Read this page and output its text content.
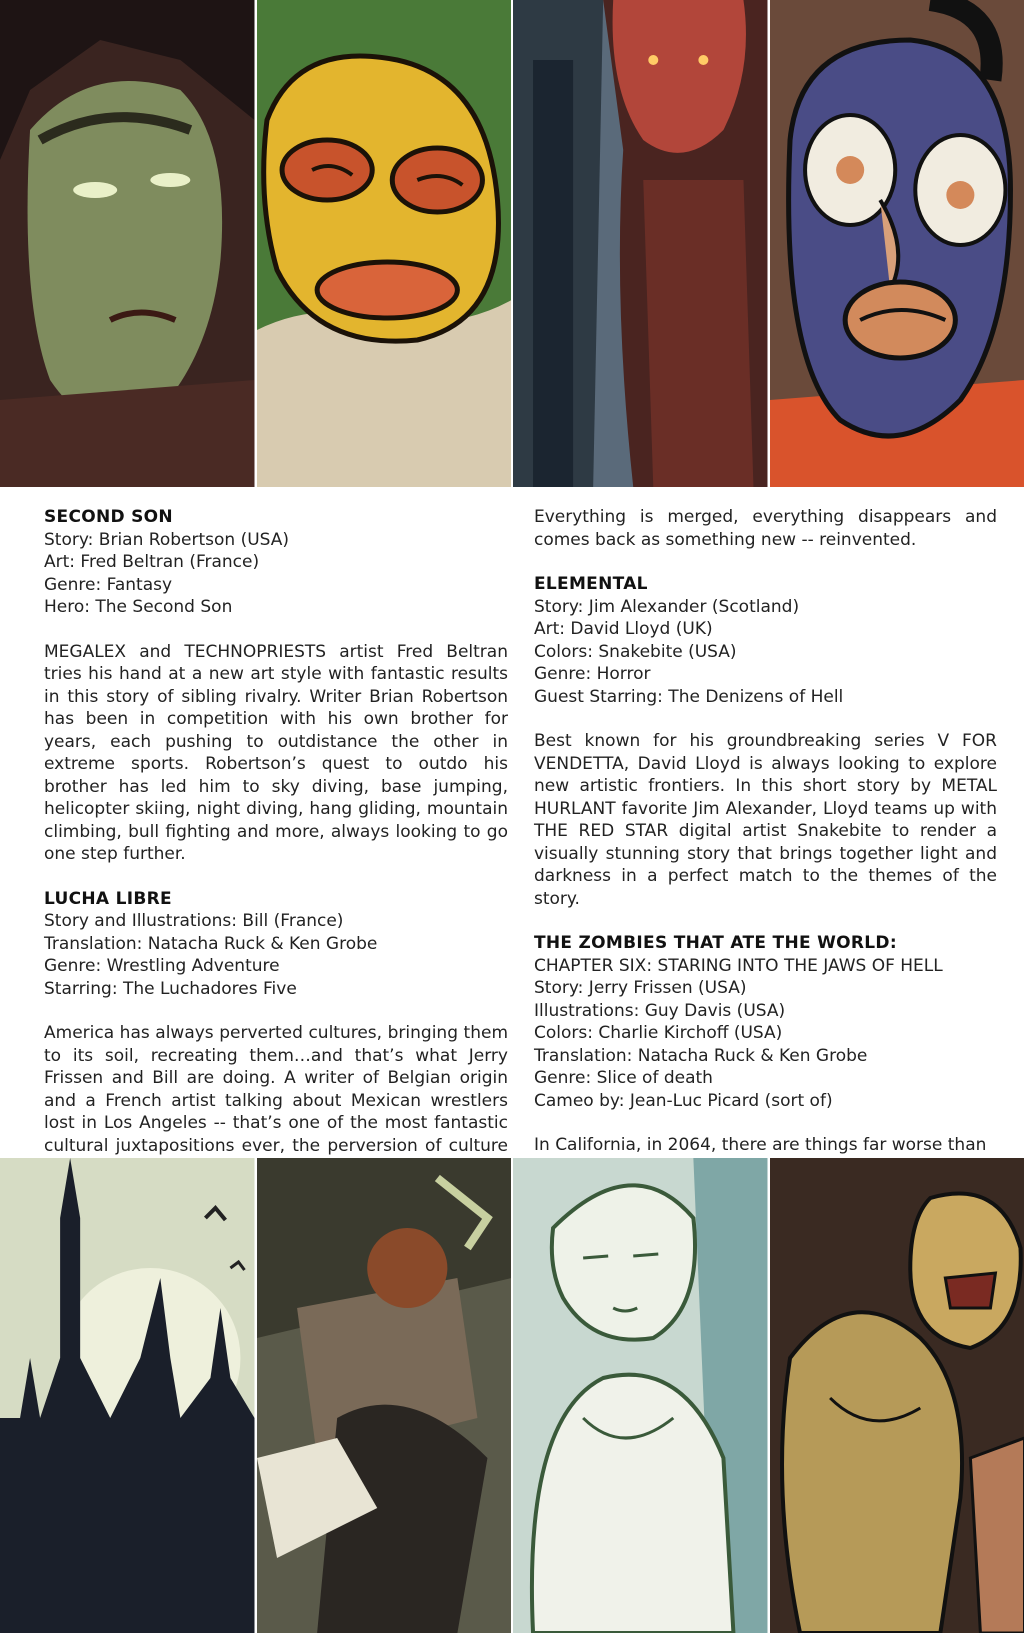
SECOND SON
Story: Brian Robertson (USA)
Art: Fred Beltran (France)
Genre: Fantasy
Hero: The Second Son

MEGALEX and TECHNOPRIESTS artist Fred Beltran tries his hand at a new art style with fantastic results in this story of sibling rivalry. Writer Brian Robertson has been in competition with his own brother for years, each pushing to outdistance the other in extreme sports. Robertson’s quest to outdo his brother has led him to sky diving, base jumping, helicopter skiing, night diving, hang gliding, mountain climbing, bull fighting and more, always looking to go one step further.

LUCHA LIBRE
Story and Illustrations: Bill (France)
Translation: Natacha Ruck & Ken Grobe
Genre: Wrestling Adventure
Starring: The Luchadores Five

America has always perverted cultures, bringing them to its soil, recreating them…and that’s what Jerry Frissen and Bill are doing. A writer of Belgian origin and a French artist talking about Mexican wrestlers lost in Los Angeles -- that’s one of the most fantastic cultural juxtapositions ever, the perversion of culture

Everything is merged, everything disappears and comes back as something new -- reinvented.

ELEMENTAL
Story: Jim Alexander (Scotland)
Art: David Lloyd (UK)
Colors: Snakebite (USA)
Genre: Horror
Guest Starring: The Denizens of Hell

Best known for his groundbreaking series V FOR VENDETTA, David Lloyd is always looking to explore new artistic frontiers. In this short story by METAL HURLANT favorite Jim Alexander, Lloyd teams up with THE RED STAR digital artist Snakebite to render a visually stunning story that brings together light and darkness in a perfect match to the themes of the story.

THE ZOMBIES THAT ATE THE WORLD:
CHAPTER SIX: STARING INTO THE JAWS OF HELL
Story: Jerry Frissen (USA)
Illustrations: Guy Davis (USA)
Colors: Charlie Kirchoff (USA)
Translation: Natacha Ruck & Ken Grobe
Genre: Slice of death
Cameo by: Jean-Luc Picard (sort of)

In California, in 2064, there are things far worse than
